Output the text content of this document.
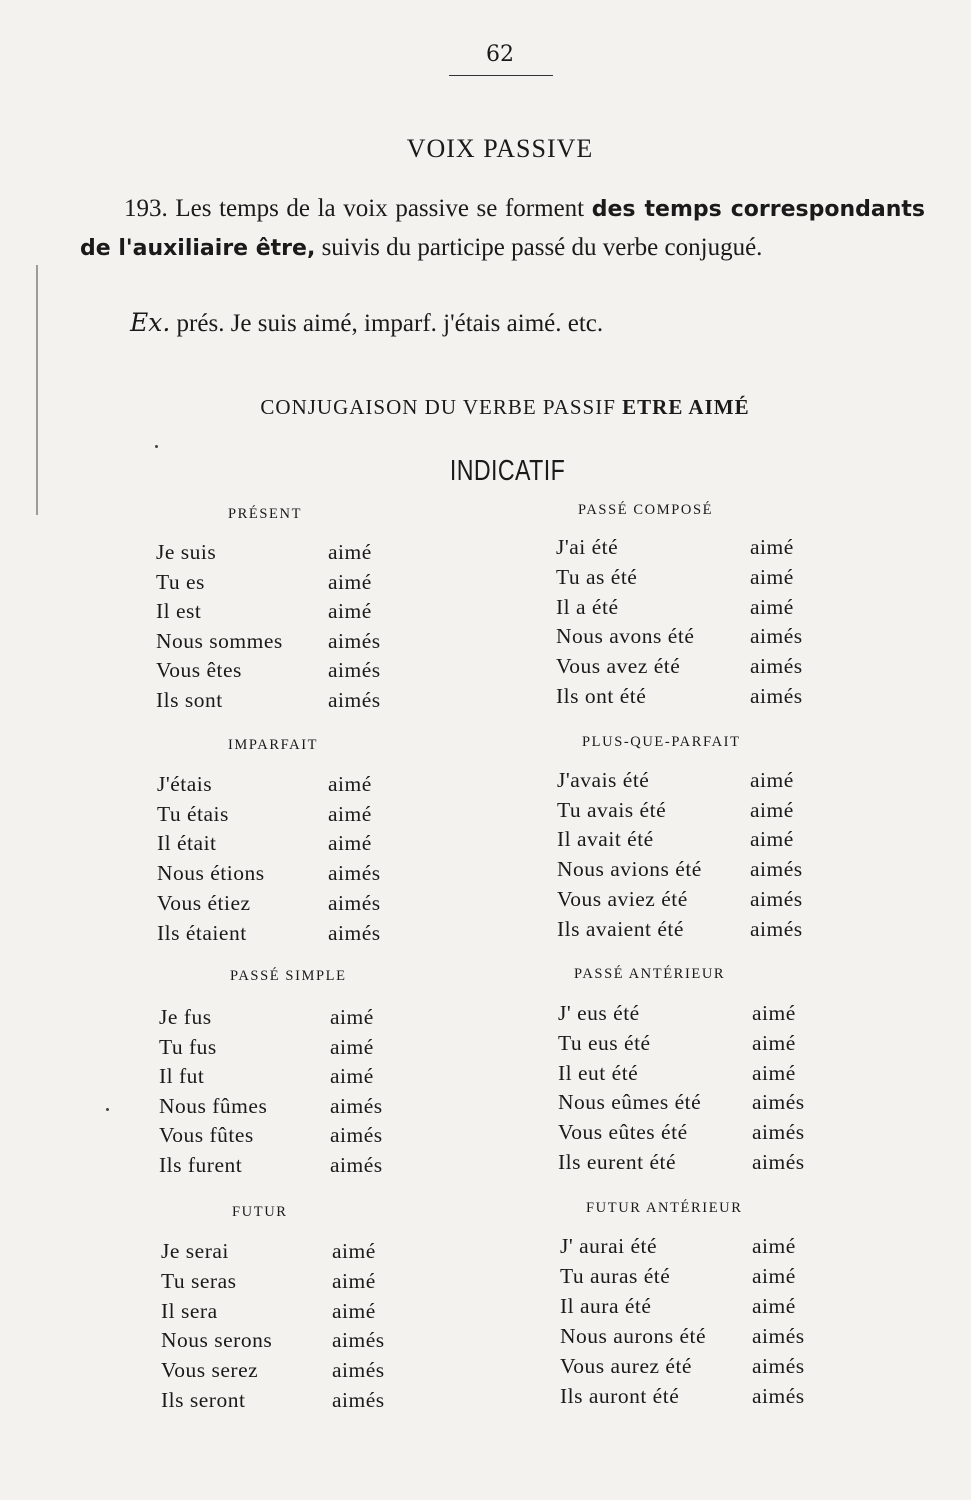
62
VOIX PASSIVE
193. Les temps de la voix passive se forment des temps correspondants de l'auxiliaire être, suivis du participe passé du verbe conjugué.
Ex. prés. Je suis aimé, imparf. j'étais aimé. etc.
CONJUGAISON DU VERBE PASSIF ETRE AIMÉ
INDICATIF
PRÉSENT
Je suis	aimé
Tu es	aimé
Il est	aimé
Nous sommes aimés
Vous êtes	aimés
Ils sont	aimés
PASSÉ COMPOSÉ
J'ai été	aimé
Tu as été	aimé
Il a été	aimé
Nous avons été	aimés
Vous avez été	aimés
Ils ont été	aimés
IMPARFAIT
J'étais	aimé
Tu étais	aimé
Il était	aimé
Nous étions	aimés
Vous étiez	aimés
Ils étaient	aimés
PLUS-QUE-PARFAIT
J'avais été	aimé
Tu avais été	aimé
Il avait été	aimé
Nous avions été aimés
Vous aviez été	aimés
Ils avaient été	aimés
PASSÉ SIMPLE
Je fus	aimé
Tu fus	aimé
Il fut	aimé
Nous fûmes	aimés
Vous fûtes	aimés
Ils furent	aimés
PASSÉ ANTÉRIEUR
J' eus été	aimé
Tu eus été	aimé
Il eut été	aimé
Nous eûmes été aimés
Vous eûtes été	aimés
Ils eurent été	aimés
FUTUR
Je serai	aimé
Tu seras	aimé
Il sera	aimé
Nous serons	aimés
Vous serez	aimés
Ils seront	aimés
FUTUR ANTÉRIEUR
J' aurai été	aimé
Tu auras été	aimé
Il aura été	aimé
Nous aurons été aimés
Vous aurez été	aimés
Ils auront été	aimés
